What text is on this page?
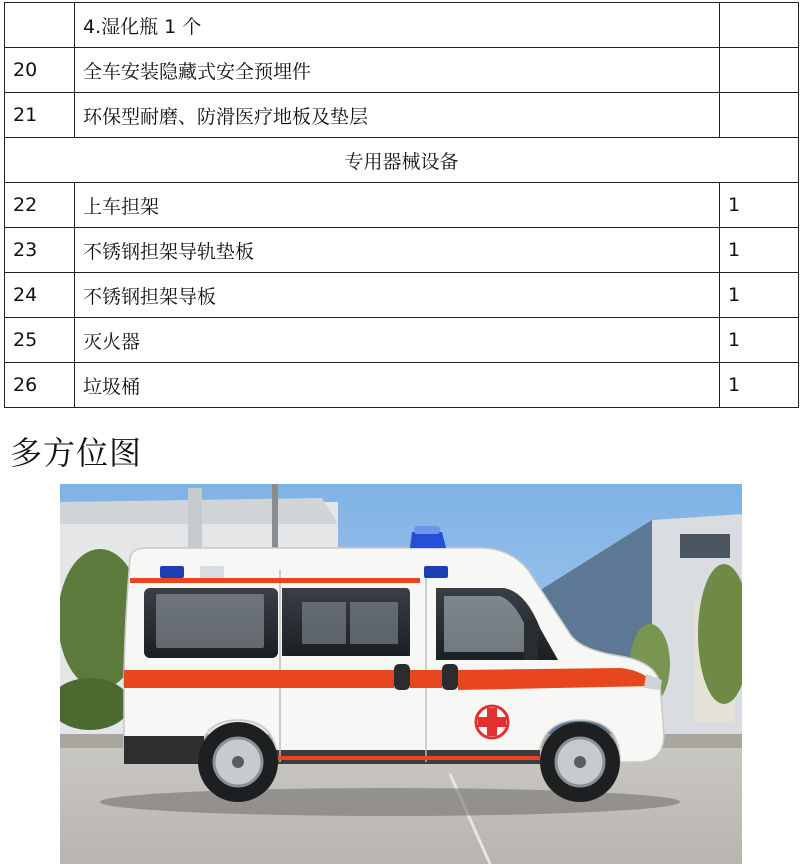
	4.湿化瓶 1 个	
20	全车安装隐藏式安全预埋件	
21	环保型耐磨、防滑医疗地板及垫层	
专用器械设备		
22	上车担架	1
23	不锈钢担架导轨垫板	1
24	不锈钢担架导板	1
25	灭火器	1
26	垃圾桶	1
多方位图
